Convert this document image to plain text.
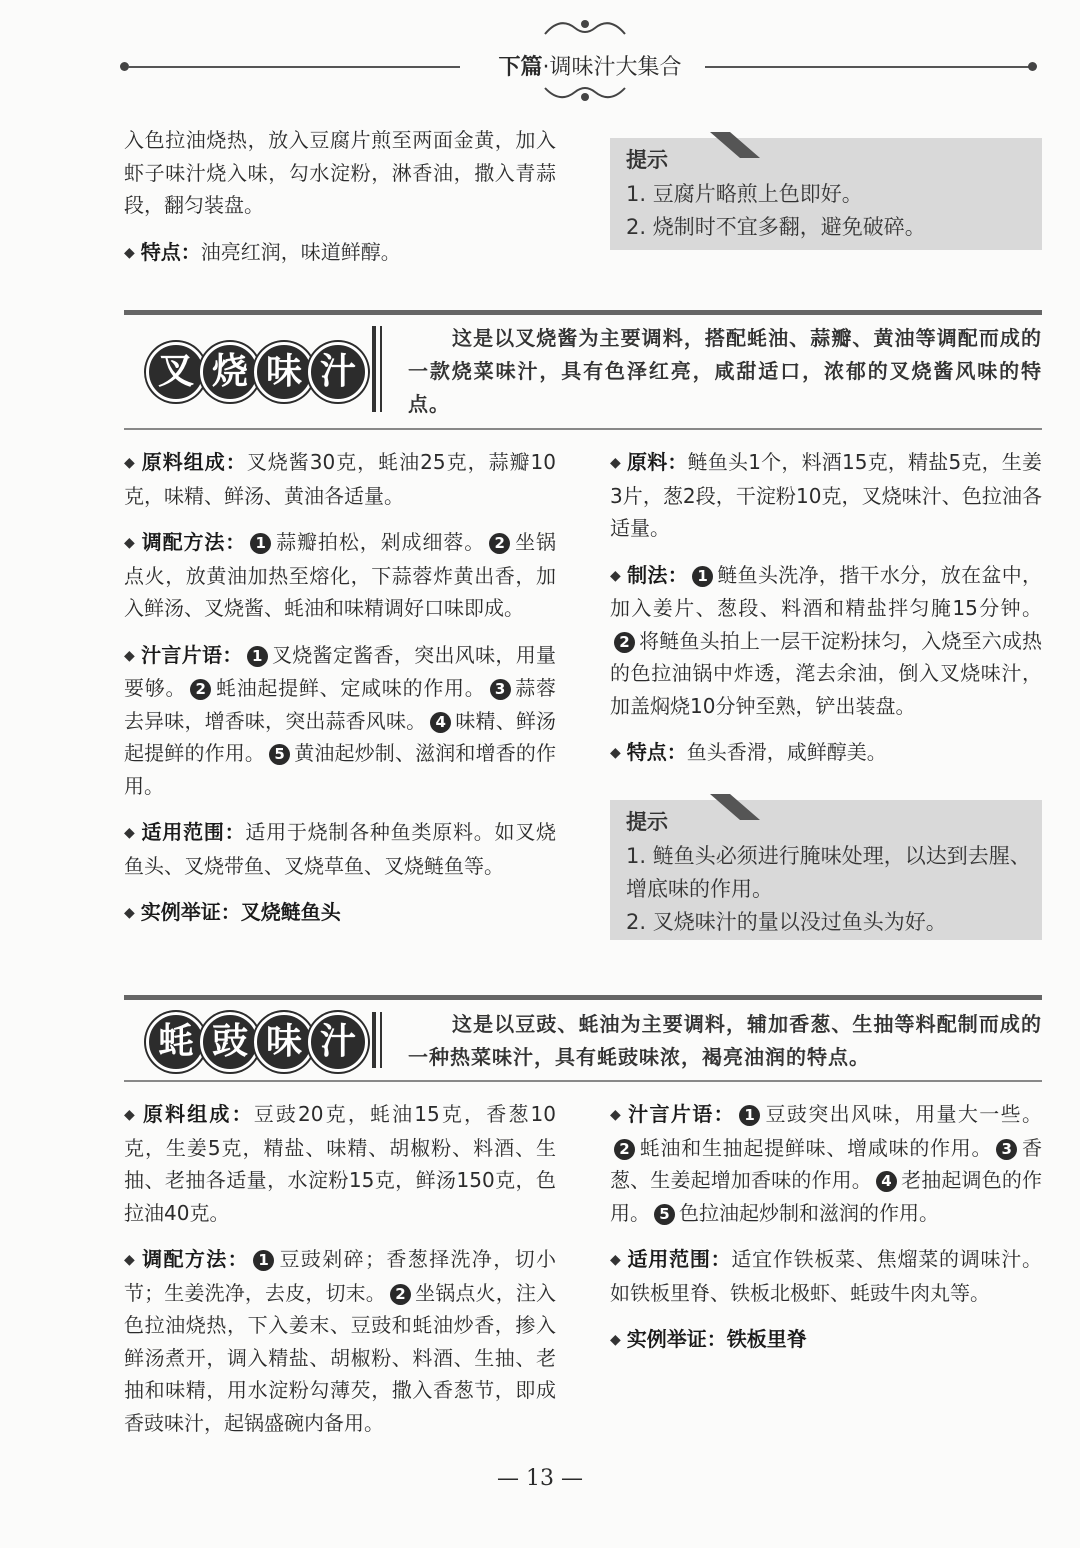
下篇·调味汁大集合

入色拉油烧热，放入豆腐片煎至两面金黄，加入虾子味汁烧入味，勾水淀粉，淋香油，撒入青蒜段，翻匀装盘。

◆ 特点：油亮红润，味道鲜醇。

提示
1. 豆腐片略煎上色即好。
2. 烧制时不宜多翻，避免破碎。
叉 烧 味 汁
这是以叉烧酱为主要调料，搭配蚝油、蒜瓣、黄油等调配而成的一款烧菜味汁，具有色泽红亮，咸甜适口，浓郁的叉烧酱风味的特点。

◆ 原料组成：叉烧酱30克，蚝油25克，蒜瓣10克，味精、鲜汤、黄油各适量。

◆ 调配方法： 1 蒜瓣拍松，剁成细蓉。 2 坐锅点火，放黄油加热至熔化，下蒜蓉炸黄出香，加入鲜汤、叉烧酱、蚝油和味精调好口味即成。

◆ 汁言片语： 1 叉烧酱定酱香，突出风味，用量要够。 2 蚝油起提鲜、定咸味的作用。 3 蒜蓉去异味，增香味，突出蒜香风味。 4 味精、鲜汤起提鲜的作用。 5 黄油起炒制、滋润和增香的作用。

◆ 适用范围：适用于烧制各种鱼类原料。如叉烧鱼头、叉烧带鱼、叉烧草鱼、叉烧鲢鱼等。

◆ 实例举证：叉烧鲢鱼头

◆ 原料：鲢鱼头1个，料酒15克，精盐5克，生姜3片，葱2段，干淀粉10克，叉烧味汁、色拉油各适量。

◆ 制法： 1 鲢鱼头洗净，揩干水分，放在盆中，加入姜片、葱段、料酒和精盐拌匀腌15分钟。2 将鲢鱼头拍上一层干淀粉抹匀，入烧至六成热的色拉油锅中炸透，滗去余油，倒入叉烧味汁，加盖焖烧10分钟至熟，铲出装盘。

◆ 特点：鱼头香滑，咸鲜醇美。

提示
1. 鲢鱼头必须进行腌味处理，以达到去腥、增底味的作用。
2. 叉烧味汁的量以没过鱼头为好。
蚝 豉 味 汁	这是以豆豉、蚝油为主要调料，辅加香葱、生抽等料配制而成的一种热菜味汁，具有蚝豉味浓，褐亮油润的特点。

◆ 原料组成：豆豉20克，蚝油15克，香葱10克，生姜5克，精盐、味精、胡椒粉、料酒、生抽、老抽各适量，水淀粉15克，鲜汤150克，色拉油40克。

◆ 调配方法： 1 豆豉剁碎；香葱择洗净，切小节；生姜洗净，去皮，切末。 2 坐锅点火，注入色拉油烧热，下入姜末、豆豉和蚝油炒香，掺入鲜汤煮开，调入精盐、胡椒粉、料酒、生抽、老抽和味精，用水淀粉勾薄芡，撒入香葱节，即成香豉味汁，起锅盛碗内备用。

◆ 汁言片语： 1 豆豉突出风味，用量大一些。2 蚝油和生抽起提鲜味、增咸味的作用。 3 香葱、生姜起增加香味的作用。 4 老抽起调色的作用。 5 色拉油起炒制和滋润的作用。

◆ 适用范围：适宜作铁板菜、焦熘菜的调味汁。如铁板里脊、铁板北极虾、蚝豉牛肉丸等。

◆ 实例举证：铁板里脊

— 13 —
